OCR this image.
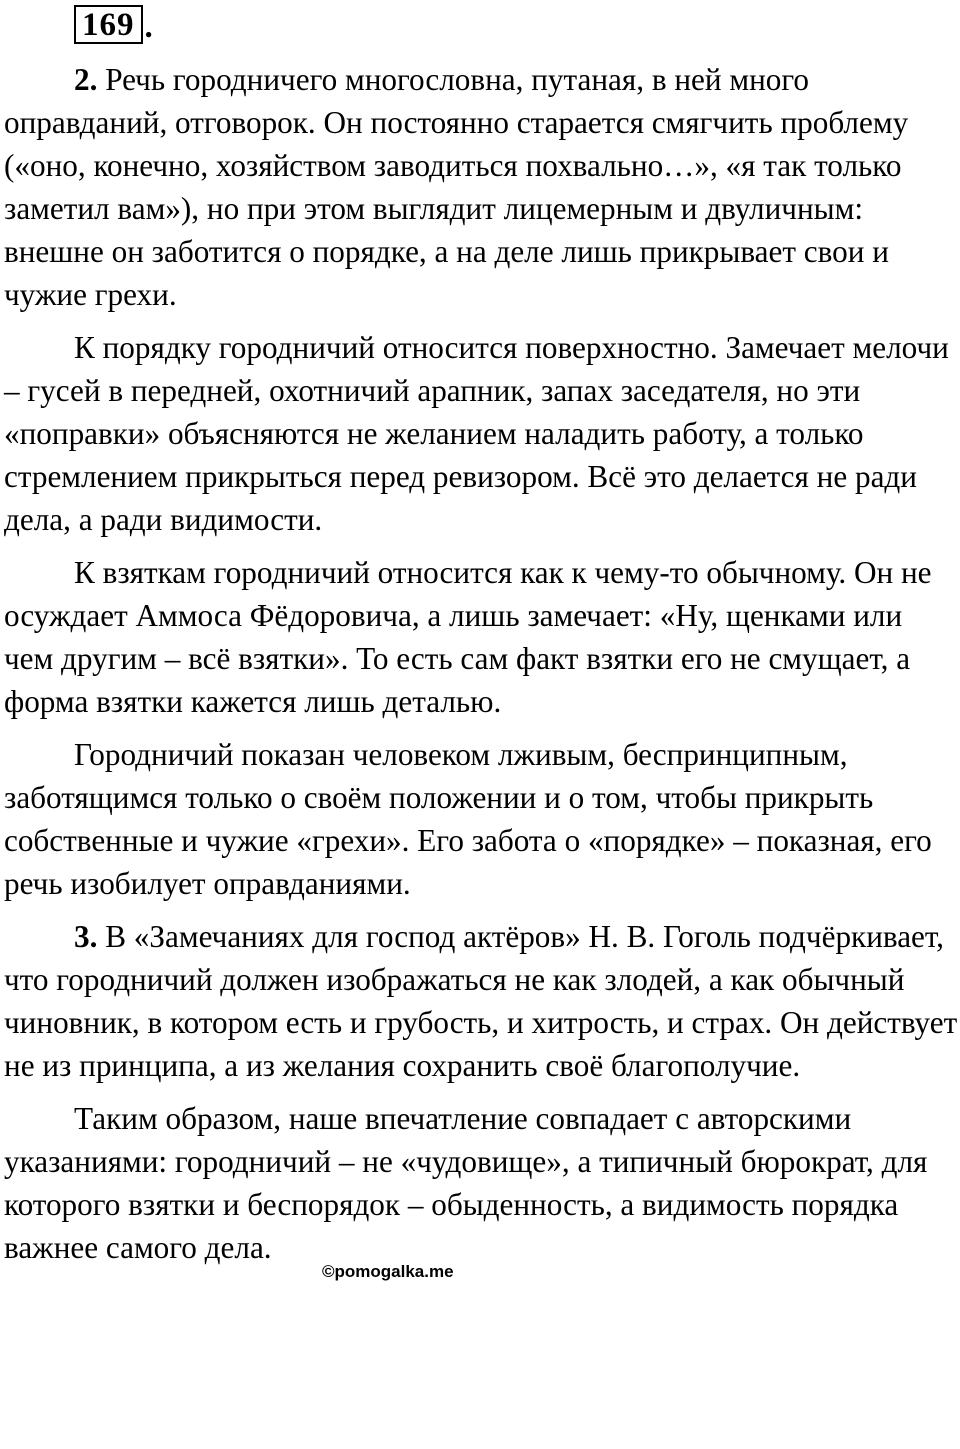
169 .

2. Речь городничего многословна, путаная, в ней много оправданий, отговорок. Он постоянно старается смягчить проблему («оно, конечно, хозяйством заводиться похвально…», «я так только заметил вам»), но при этом выглядит лицемерным и двуличным: внешне он заботится о порядке, а на деле лишь прикрывает свои и чужие грехи.

К порядку городничий относится поверхностно. Замечает мелочи – гусей в передней, охотничий арапник, запах заседателя, но эти «поправки» объясняются не желанием наладить работу, а только стремлением прикрыться перед ревизором. Всё это делается не ради дела, а ради видимости.

К взяткам городничий относится как к чему-то обычному. Он не осуждает Аммоса Фёдоровича, а лишь замечает: «Ну, щенками или чем другим – всё взятки». То есть сам факт взятки его не смущает, а форма взятки кажется лишь деталью.

Городничий показан человеком лживым, беспринципным, заботящимся только о своём положении и о том, чтобы прикрыть собственные и чужие «грехи». Его забота о «порядке» – показная, его речь изобилует оправданиями.

3. В «Замечаниях для господ актёров» Н. В. Гоголь подчёркивает, что городничий должен изображаться не как злодей, а как обычный чиновник, в котором есть и грубость, и хитрость, и страх. Он действует не из принципа, а из желания сохранить своё благополучие.

Таким образом, наше впечатление совпадает с авторскими указаниями: городничий – не «чудовище», а типичный бюрократ, для которого взятки и беспорядок – обыденность, а видимость порядка важнее самого дела.

©pomogalka.me
